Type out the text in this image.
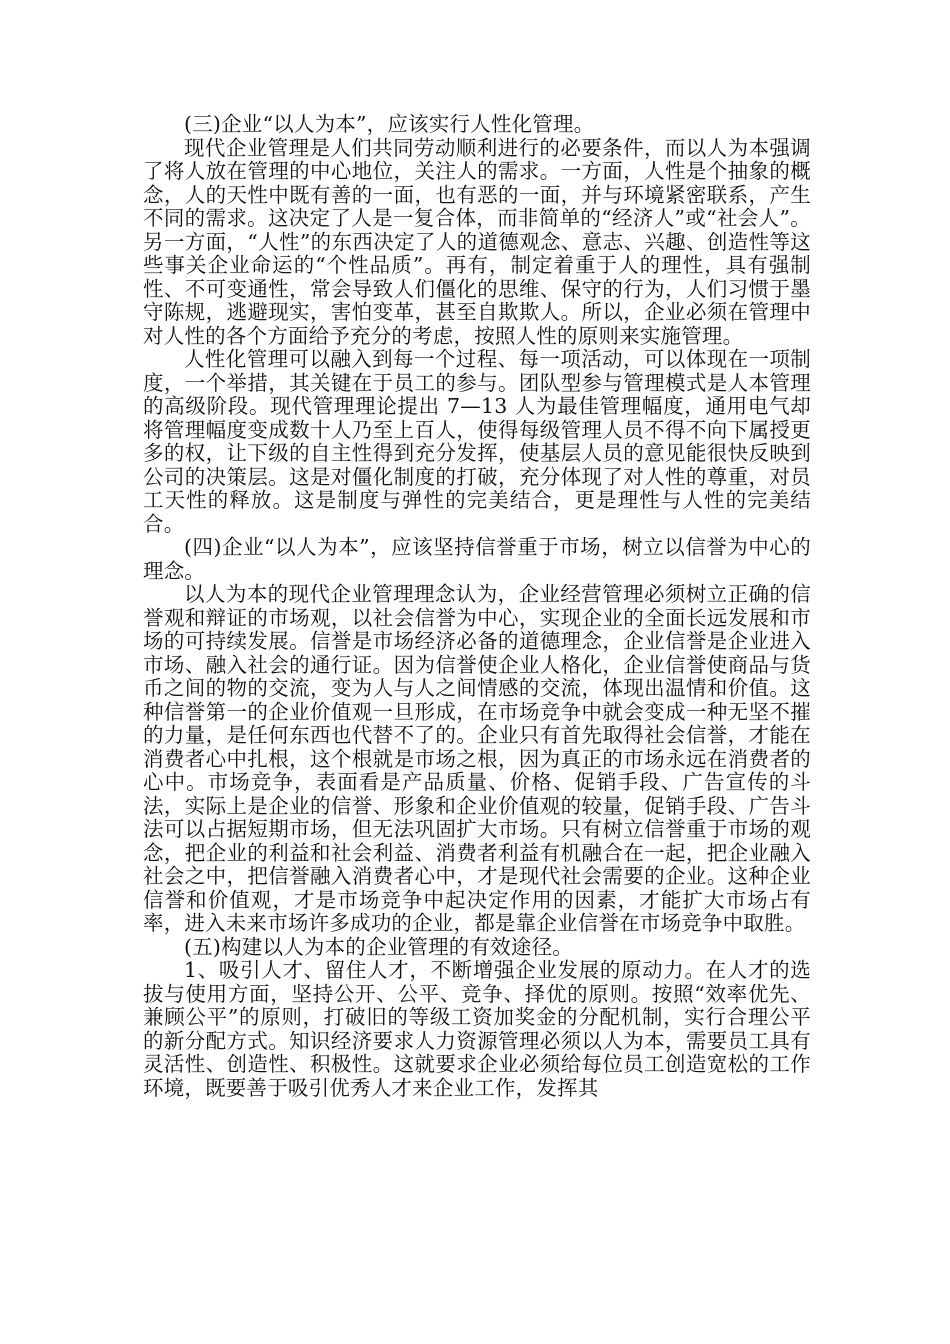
(三)企业“以人为本”，应该实行人性化管理。

现代企业管理是人们共同劳动顺利进行的必要条件，而以人为本强调了将人放在管理的中心地位，关注人的需求。一方面，人性是个抽象的概念，人的天性中既有善的一面，也有恶的一面，并与环境紧密联系，产生不同的需求。这决定了人是一复合体，而非简单的“经济人”或“社会人”。另一方面，“人性”的东西决定了人的道德观念、意志、兴趣、创造性等这些事关企业命运的“个性品质”。再有，制定着重于人的理性，具有强制性、不可变通性，常会导致人们僵化的思维、保守的行为，人们习惯于墨守陈规，逃避现实，害怕变革，甚至自欺欺人。所以，企业必须在管理中对人性的各个方面给予充分的考虑，按照人性的原则来实施管理。

人性化管理可以融入到每一个过程、每一项活动，可以体现在一项制度，一个举措，其关键在于员工的参与。团队型参与管理模式是人本管理的高级阶段。现代管理理论提出 7—13 人为最佳管理幅度，通用电气却将管理幅度变成数十人乃至上百人，使得每级管理人员不得不向下属授更多的权，让下级的自主性得到充分发挥，使基层人员的意见能很快反映到公司的决策层。这是对僵化制度的打破，充分体现了对人性的尊重，对员工天性的释放。这是制度与弹性的完美结合，更是理性与人性的完美结合。

(四)企业“以人为本”，应该坚持信誉重于市场，树立以信誉为中心的理念。

以人为本的现代企业管理理念认为，企业经营管理必须树立正确的信誉观和辩证的市场观，以社会信誉为中心，实现企业的全面长远发展和市场的可持续发展。信誉是市场经济必备的道德理念，企业信誉是企业进入市场、融入社会的通行证。因为信誉使企业人格化，企业信誉使商品与货币之间的物的交流，变为人与人之间情感的交流，体现出温情和价值。这种信誉第一的企业价值观一旦形成，在市场竞争中就会变成一种无坚不摧的力量，是任何东西也代替不了的。企业只有首先取得社会信誉，才能在消费者心中扎根，这个根就是市场之根，因为真正的市场永远在消费者的心中。市场竞争，表面看是产品质量、价格、促销手段、广告宣传的斗法，实际上是企业的信誉、形象和企业价值观的较量，促销手段、广告斗法可以占据短期市场，但无法巩固扩大市场。只有树立信誉重于市场的观念，把企业的利益和社会利益、消费者利益有机融合在一起，把企业融入社会之中，把信誉融入消费者心中，才是现代社会需要的企业。这种企业信誉和价值观，才是市场竞争中起决定作用的因素，才能扩大市场占有率，进入未来市场许多成功的企业，都是靠企业信誉在市场竞争中取胜。

(五)构建以人为本的企业管理的有效途径。

1、吸引人才、留住人才，不断增强企业发展的原动力。在人才的选拔与使用方面，坚持公开、公平、竞争、择优的原则。按照“效率优先、兼顾公平”的原则，打破旧的等级工资加奖金的分配机制，实行合理公平的新分配方式。知识经济要求人力资源管理必须以人为本，需要员工具有灵活性、创造性、积极性。这就要求企业必须给每位员工创造宽松的工作环境，既要善于吸引优秀人才来企业工作，发挥其
